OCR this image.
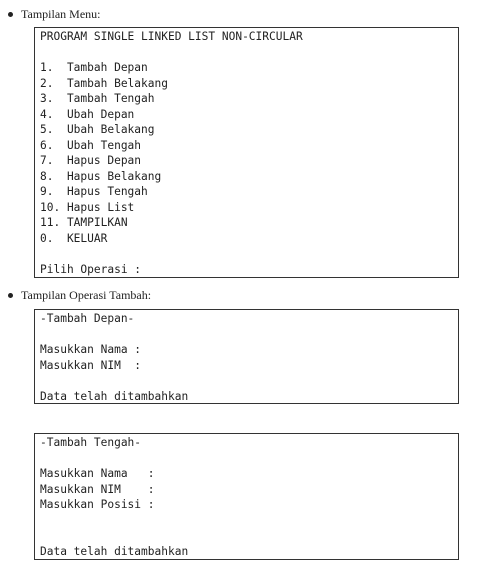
Tampilan Menu:
PROGRAM SINGLE LINKED LIST NON-CIRCULAR
1.  Tambah Depan
2.  Tambah Belakang
3.  Tambah Tengah
4.  Ubah Depan
5.  Ubah Belakang
6.  Ubah Tengah
7.  Hapus Depan
8.  Hapus Belakang
9.  Hapus Tengah
10. Hapus List
11. TAMPILKAN
0.  KELUAR
Pilih Operasi :
Tampilan Operasi Tambah:
-Tambah Depan-
Masukkan Nama :
Masukkan NIM  :
Data telah ditambahkan
-Tambah Tengah-
Masukkan Nama   :
Masukkan NIM    :
Masukkan Posisi :
Data telah ditambahkan
